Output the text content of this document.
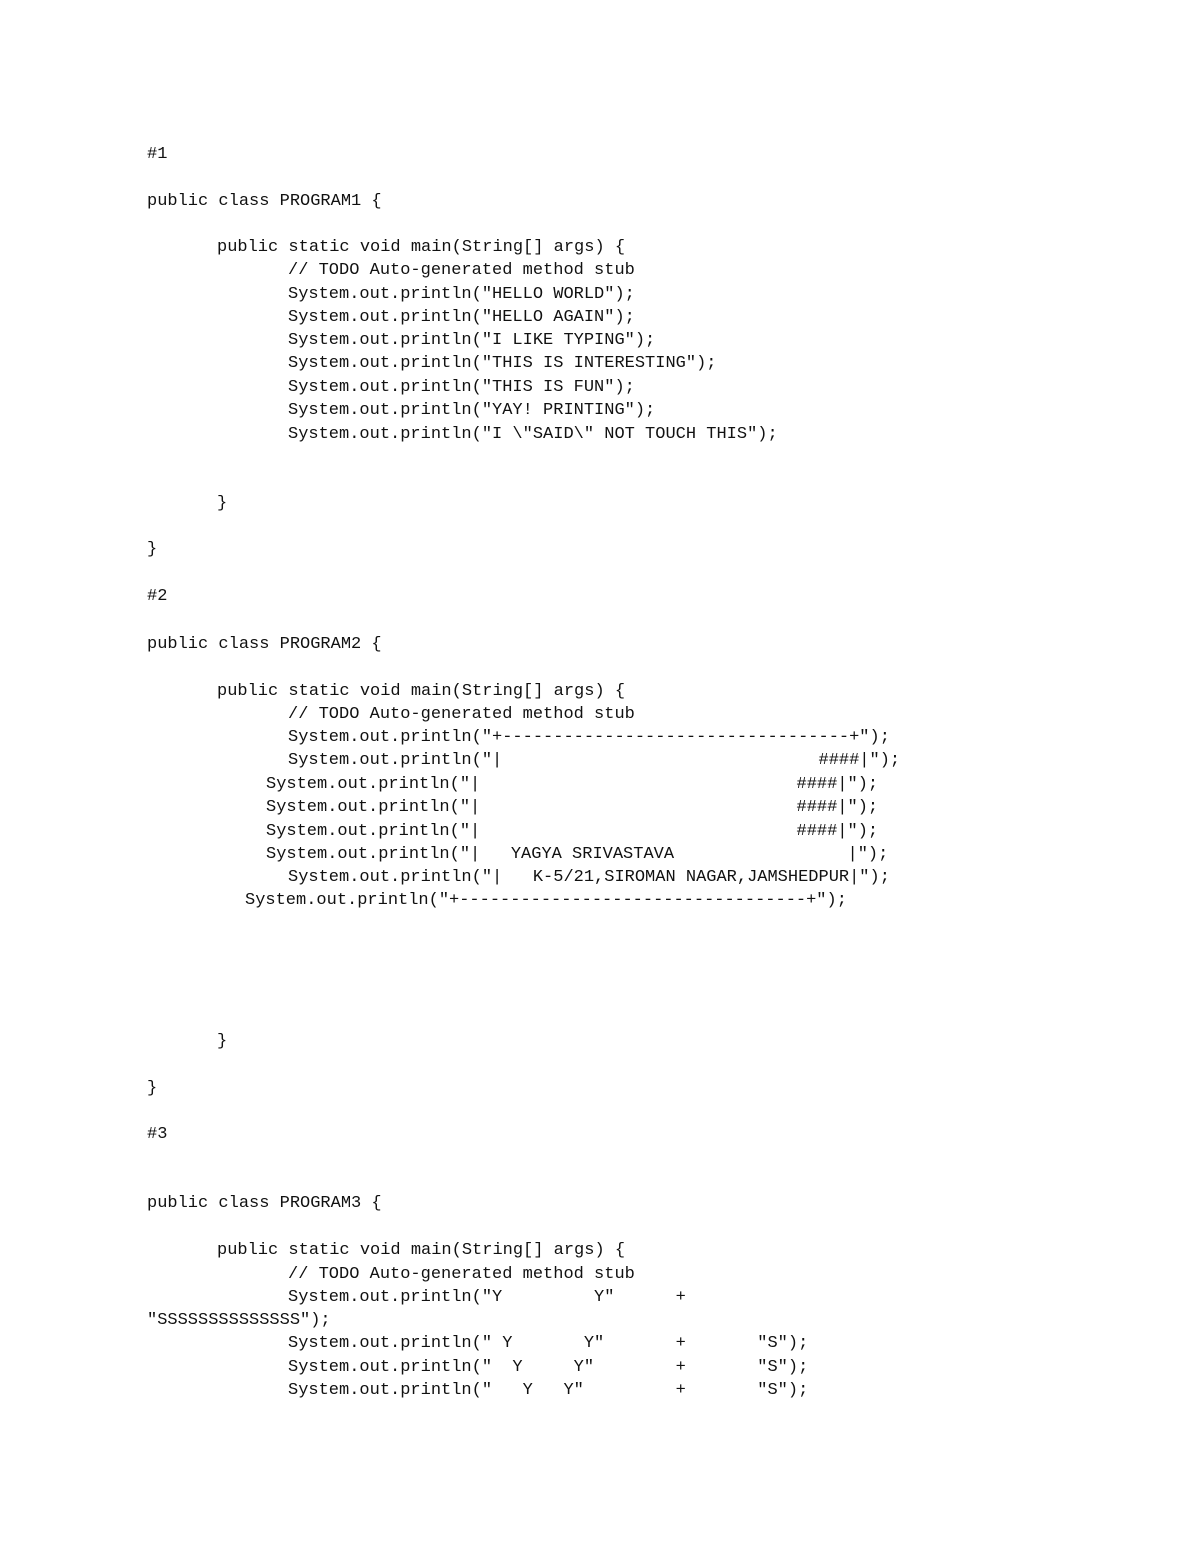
#1
public class PROGRAM1 {
public static void main(String[] args) {
// TODO Auto-generated method stub
System.out.println("HELLO WORLD");
System.out.println("HELLO AGAIN");
System.out.println("I LIKE TYPING");
System.out.println("THIS IS INTERESTING");
System.out.println("THIS IS FUN");
System.out.println("YAY! PRINTING");
System.out.println("I \"SAID\" NOT TOUCH THIS");
}
}
#2
public class PROGRAM2 {
public static void main(String[] args) {
// TODO Auto-generated method stub
System.out.println("+----------------------------------+");
System.out.println("|                               ####|");
System.out.println("|                               ####|");
System.out.println("|                               ####|");
System.out.println("|                               ####|");
System.out.println("|   YAGYA SRIVASTAVA                 |");
System.out.println("|   K-5/21,SIROMAN NAGAR,JAMSHEDPUR|");
System.out.println("+----------------------------------+");
}
}
#3
public class PROGRAM3 {
public static void main(String[] args) {
// TODO Auto-generated method stub
System.out.println("Y         Y"      +
"SSSSSSSSSSSSSS");
System.out.println(" Y       Y"       +       "S");
System.out.println("  Y     Y"        +       "S");
System.out.println("   Y   Y"         +       "S");
